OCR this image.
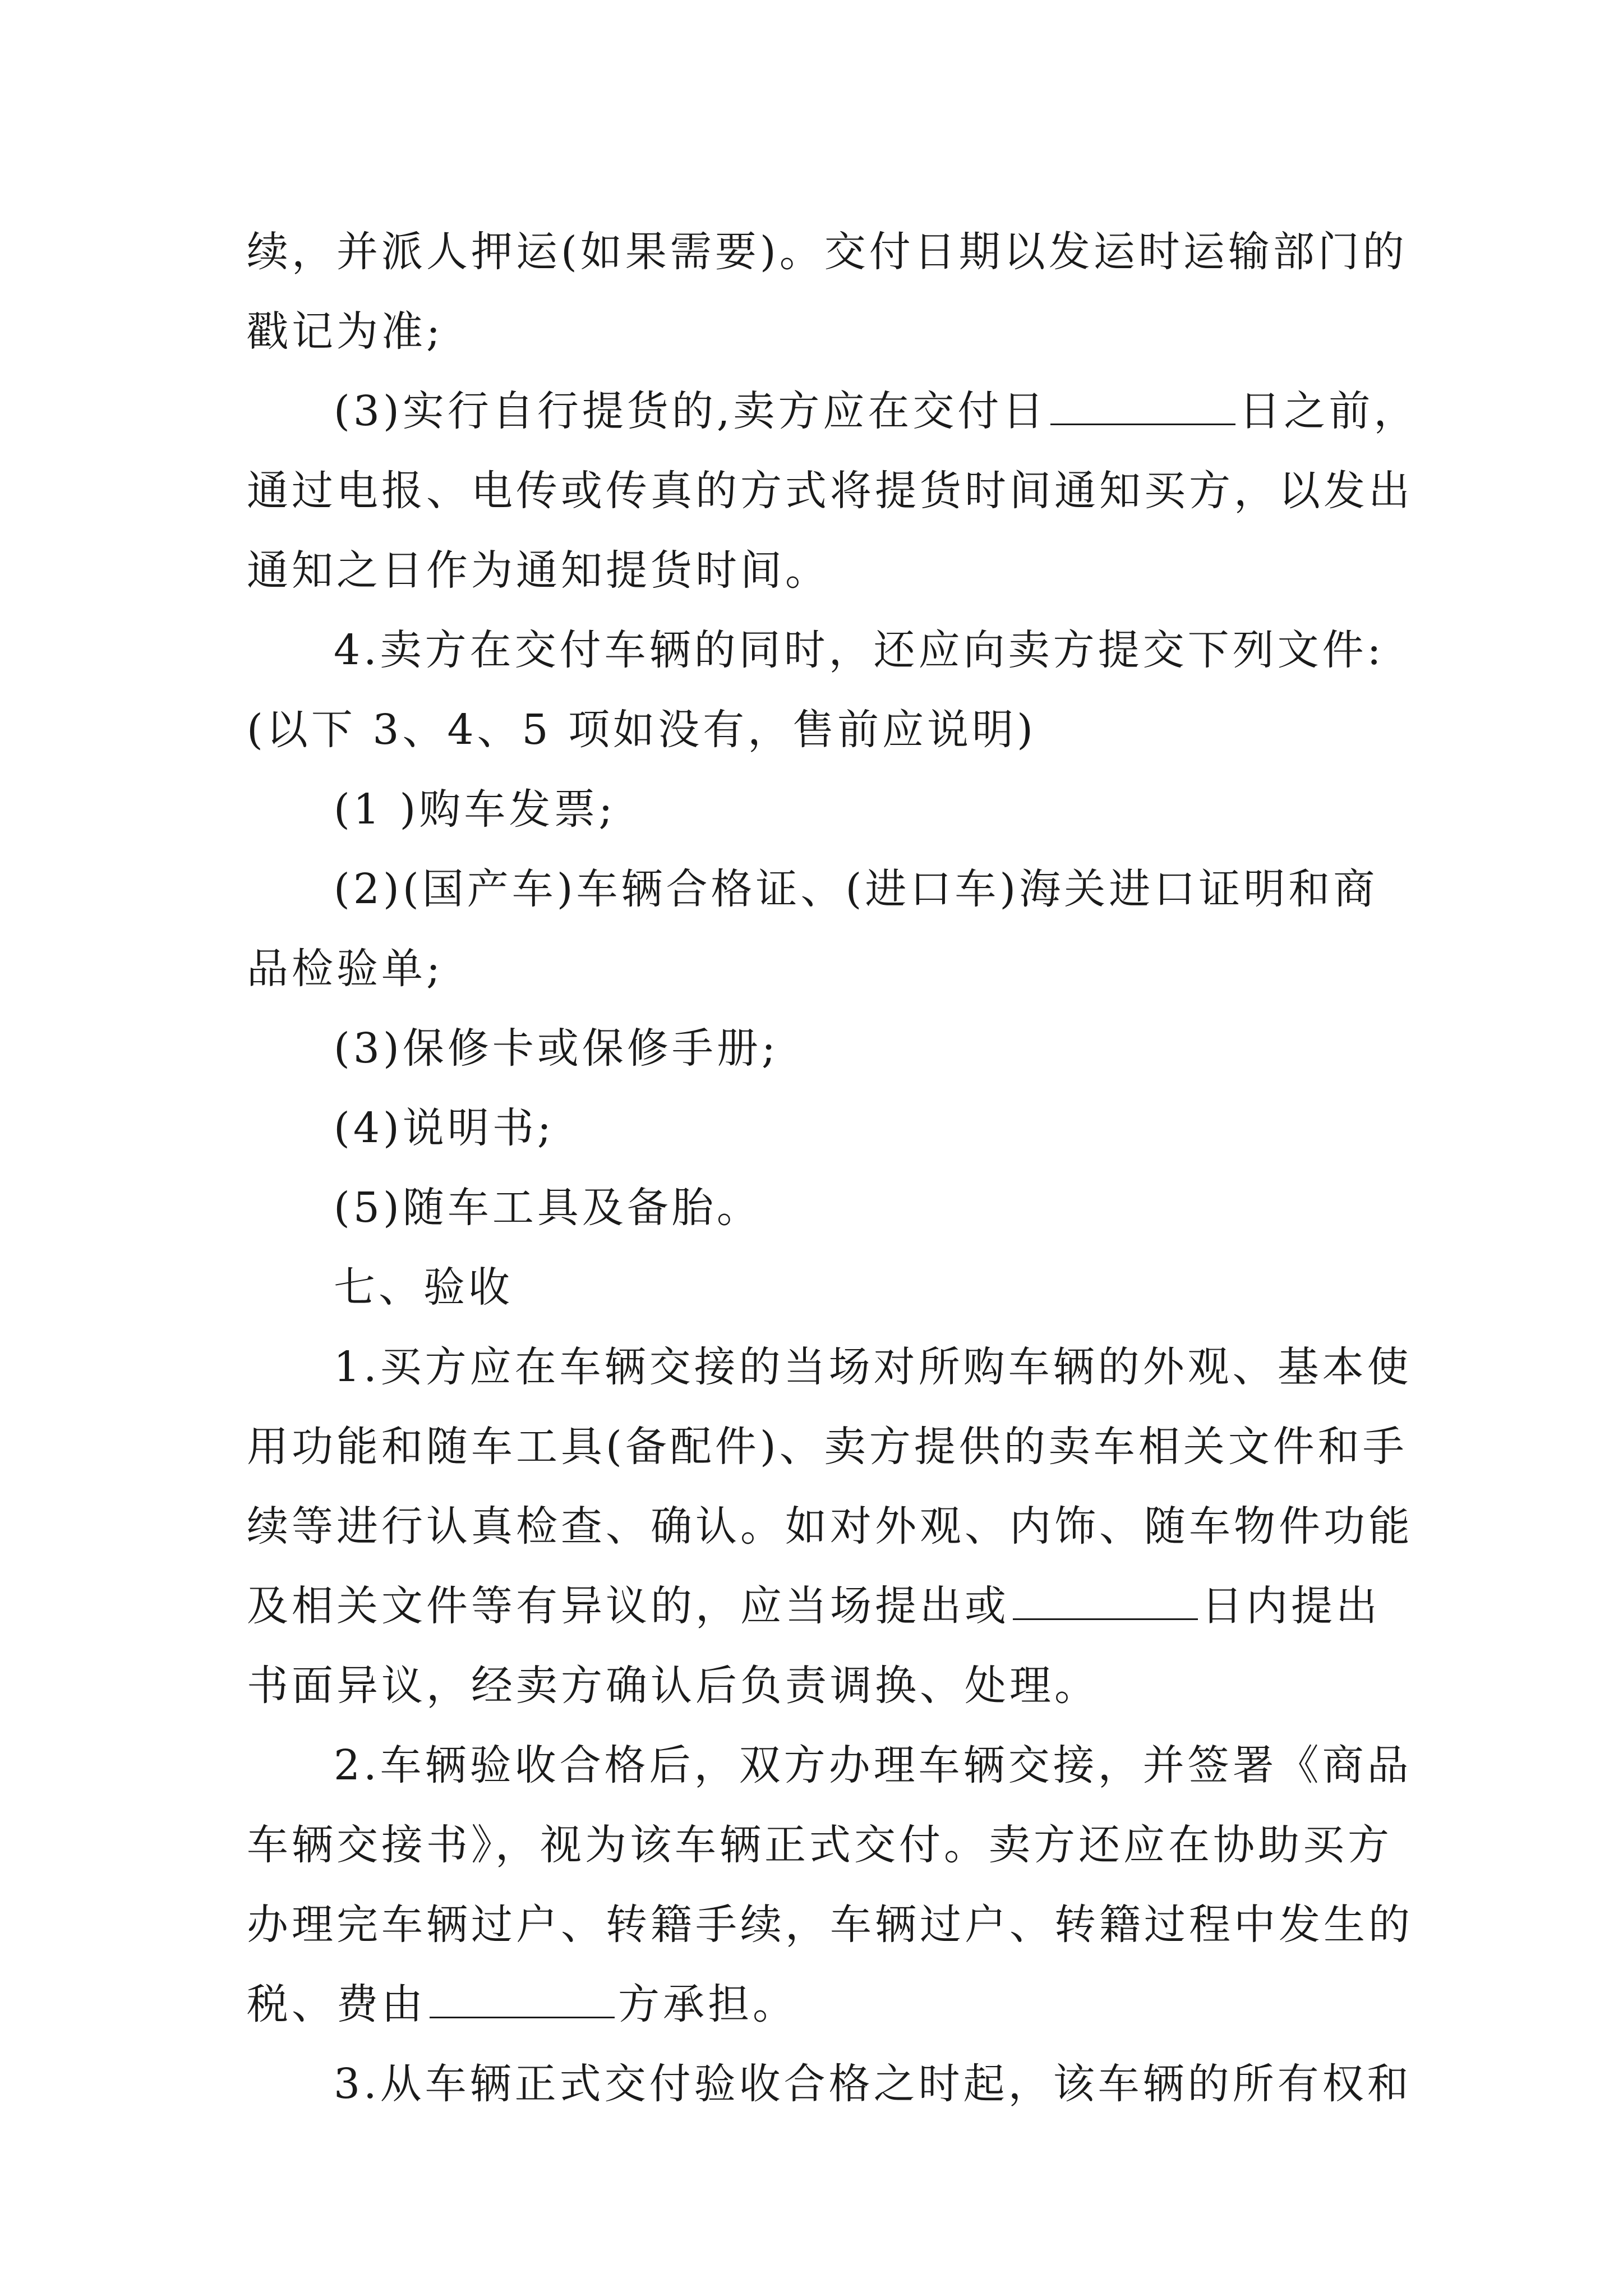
续，并派人押运(如果需要)。交付日期以发运时运输部门的
戳记为准;
(3)实行自行提货的,卖方应在交付日	日之前，
通过电报、电传或传真的方式将提货时间通知买方，以发出
通知之日作为通知提货时间。
4.卖方在交付车辆的同时，还应向卖方提交下列文件:
(以下 3、4、5 项如没有，售前应说明)
(1 )购车发票;
(2)(国产车)车辆合格证、(进口车)海关进口证明和商
品检验单;
(3)保修卡或保修手册;
(4)说明书;
(5)随车工具及备胎。
七、验收
1.买方应在车辆交接的当场对所购车辆的外观、基本使
用功能和随车工具(备配件)、卖方提供的卖车相关文件和手
续等进行认真检查、确认。如对外观、内饰、随车物件功能
及相关文件等有异议的，应当场提出或	日内提出
书面异议，经卖方确认后负责调换、处理。
2.车辆验收合格后，双方办理车辆交接，并签署《商品
车辆交接书》，视为该车辆正式交付。卖方还应在协助买方
办理完车辆过户、转籍手续，车辆过户、转籍过程中发生的
税、费由	方承担。
3.从车辆正式交付验收合格之时起，该车辆的所有权和
